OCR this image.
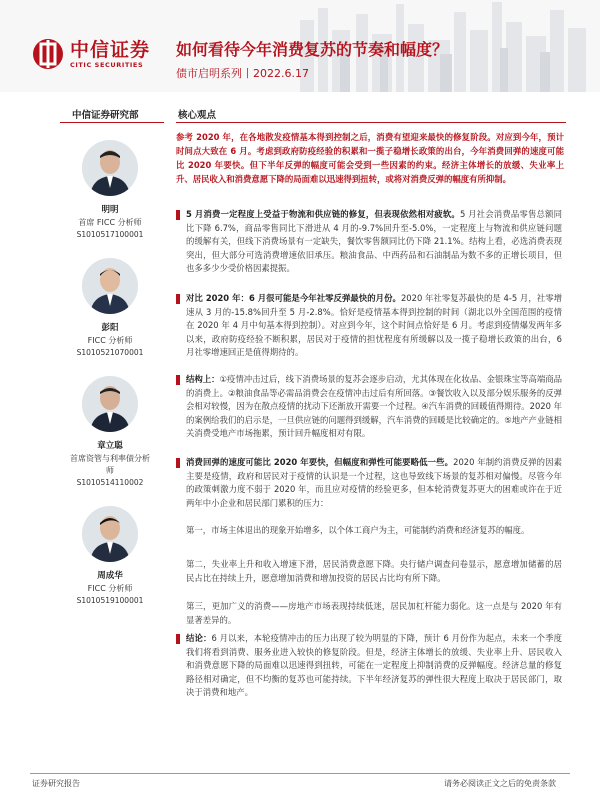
中信证券
CITIC SECURITIES
如何看待今年消费复苏的节奏和幅度？
债市启明系列丨2022.6.17
中信证券研究部	核心观点
明明
首席 FICC 分析师
S1010517100001
彭阳
FICC 分析师
S1010521070001
章立聪
首席资管与利率债分析师
S1010514110002
周成华
FICC 分析师
S1010519100001
参考 2020 年，在各地散发疫情基本得到控制之后，消费有望迎来最快的修复阶段。对应到今年，预计时间点大致在 6 月。考虑到政府防疫经验的积累和一揽子稳增长政策的出台，今年消费回弹的速度可能比 2020 年要快。但下半年反弹的幅度可能会受到一些因素的约束。经济主体增长的放缓、失业率上升、居民收入和消费意愿下降的局面难以迅速得到扭转，或将对消费反弹的幅度有所抑制。
5 月消费一定程度上受益于物流和供应链的修复，但表现依然相对疲软。5 月社会消费品零售总额同比下降 6.7%，商品零售同比下滑进从 4 月的-9.7%回升至-5.0%，一定程度上与物流和供应链问题的缓解有关，但线下消费场景有一定缺失，餐饮零售额同比仍下降 21.1%。结构上看，必选消费表现突出，但大部分可选消费增速依旧承压。粮油食品、中西药品和石油制品为数不多的正增长项目，但也多多少少受价格因素提振。
对比 2020 年：6 月很可能是今年社零反弹最快的月份。2020 年社零复苏最快的是 4-5 月，社零增速从 3 月的-15.8%回升至 5 月-2.8%。恰好是疫情基本得到控制的时间（湖北以外全国范围的疫情在 2020 年 4 月中旬基本得到控制）。对应到今年，这个时间点恰好是 6 月。考虑到疫情爆发两年多以来，政府防疫经验不断积累，居民对于疫情的担忧程度有所缓解以及一揽子稳增长政策的出台，6 月社零增速回正是值得期待的。
结构上：①疫情冲击过后，线下消费场景的复苏会逐步启动，尤其体现在化妆品、金银珠宝等高端商品的消费上。②粮油食品等必需品消费会在疫情冲击过后有所回落。③餐饮收入以及部分娱乐服务的反弹会相对较慢，因为在散点疫情的扰动下还渐放开需要一个过程。④汽车消费的回暖值得期待。2020 年的案例给我们的启示是，一旦供应链的问题得到缓解，汽车消费的回暖是比较确定的。⑤地产产业链相关消费受地产市场拖累，预计回升幅度相对有限。
消费回弹的速度可能比 2020 年要快，但幅度和弹性可能要略低一些。2020 年制约消费反弹的因素主要是疫情，政府和居民对于疫情的认识是一个过程，这也导致线下场景的复苏相对偏慢。尽管今年的政策刺激力度不弱于 2020 年，而且应对疫情的经验更多，但本轮消费复苏更大的困难或许在于近两年中小企业和居民部门累积的压力：
第一，市场主体退出的现象开始增多，以个体工商户为主，可能制约消费和经济复苏的幅度。
第二，失业率上升和收入增速下滑，居民消费意愿下降。央行储户调查问卷显示，愿意增加储蓄的居民占比在持续上升，愿意增加消费和增加投资的居民占比均有所下降。
第三，更加广义的消费——房地产市场表现持续低迷，居民加杠杆能力弱化。这一点是与 2020 年有显著差异的。
结论：6 月以来，本轮疫情冲击的压力出现了较为明显的下降，预计 6 月份作为起点，未来一个季度我们将看到消费、服务业进入较快的修复阶段。但是，经济主体增长的放缓、失业率上升、居民收入和消费意愿下降的局面难以迅速得到扭转，可能在一定程度上抑制消费的反弹幅度。经济总量的修复路径相对确定，但不均衡的复苏也可能持续。下半年经济复苏的弹性很大程度上取决于居民部门，取决于消费和地产。
证券研究报告	请务必阅读正文之后的免责条款
